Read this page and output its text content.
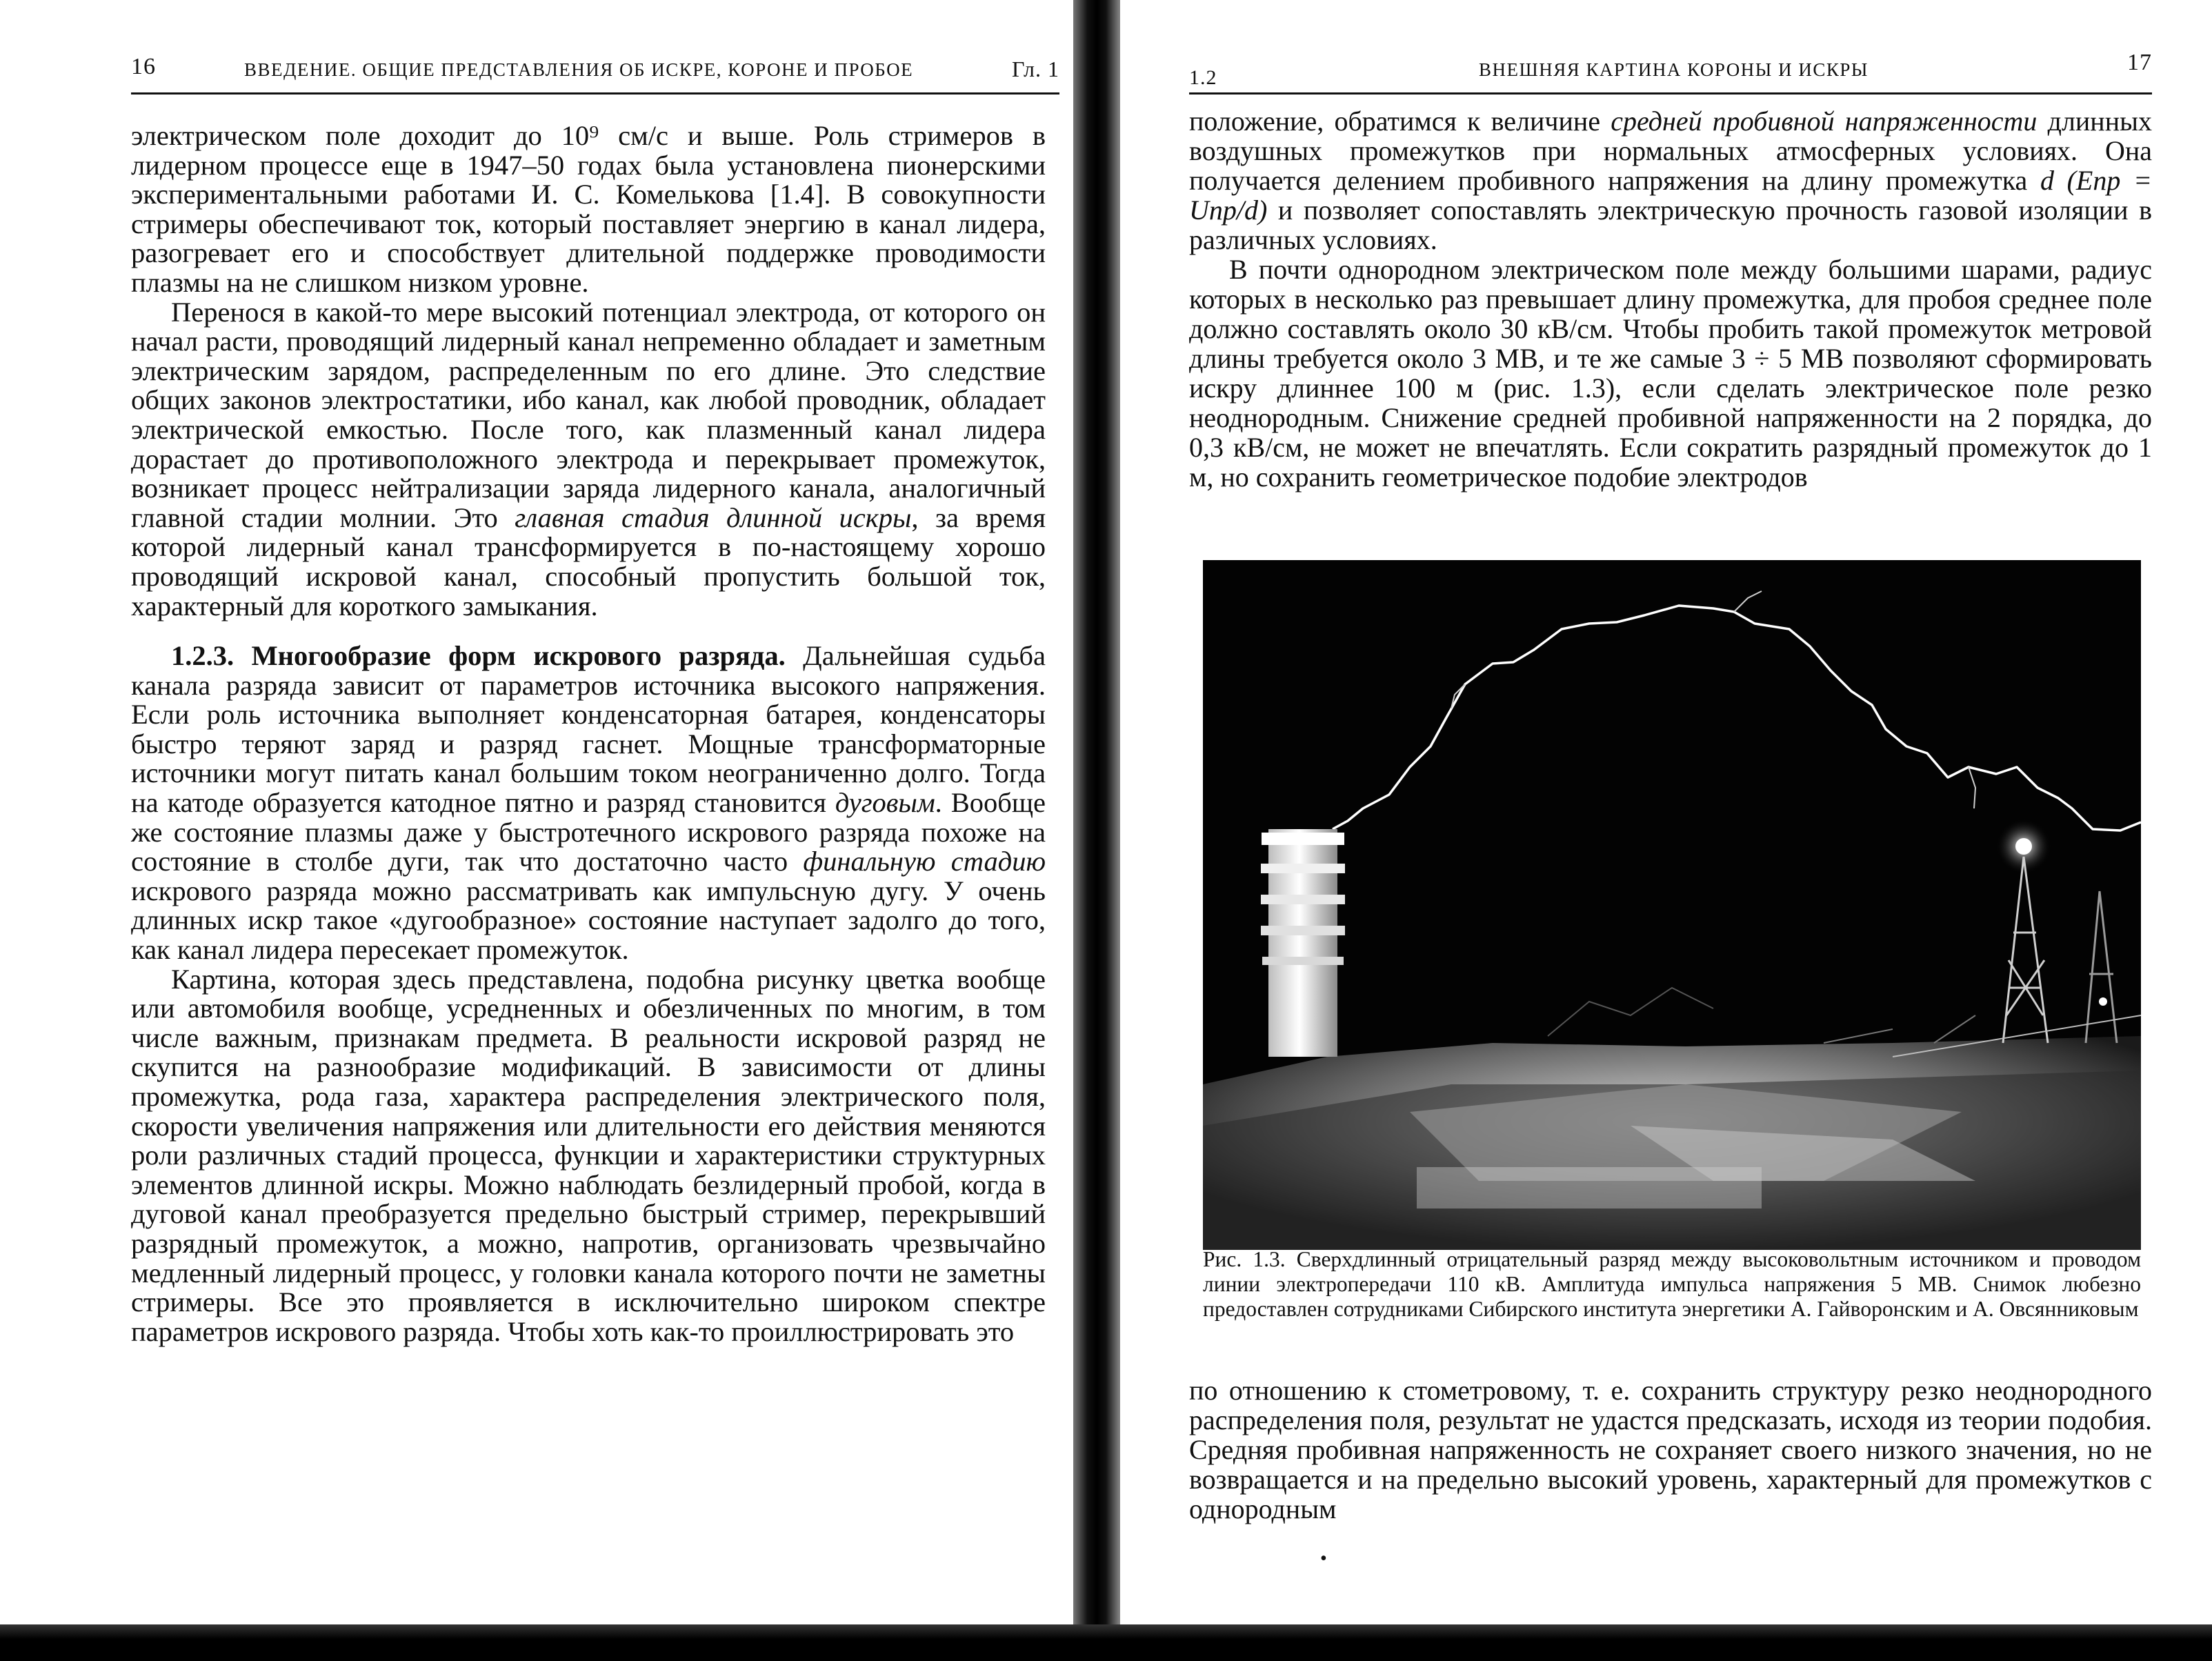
16	ВВЕДЕНИЕ. ОБЩИЕ ПРЕДСТАВЛЕНИЯ ОБ ИСКРЕ, КОРОНЕ И ПРОБОЕ	Гл. 1

электрическом поле доходит до 10⁹ см/с и выше. Роль стримеров в лидерном процессе еще в 1947–50 годах была установлена пионерскими экспериментальными работами И. С. Комелькова [1.4]. В совокупности стримеры обеспечивают ток, который поставляет энергию в канал лидера, разогревает его и способствует длительной поддержке проводимости плазмы на не слишком низком уровне.

Перенося в какой-то мере высокий потенциал электрода, от которого он начал расти, проводящий лидерный канал непременно обладает и заметным электрическим зарядом, распределенным по его длине. Это следствие общих законов электростатики, ибо канал, как любой проводник, обладает электрической емкостью. После того, как плазменный канал лидера дорастает до противоположного электрода и перекрывает промежуток, возникает процесс нейтрализации заряда лидерного канала, аналогичный главной стадии молнии. Это главная стадия длинной искры, за время которой лидерный канал трансформируется в по-настоящему хорошо проводящий искровой канал, способный пропустить большой ток, характерный для короткого замыкания.

1.2.3. Многообразие форм искрового разряда. Дальнейшая судьба канала разряда зависит от параметров источника высокого напряжения. Если роль источника выполняет конденсаторная батарея, конденсаторы быстро теряют заряд и разряд гаснет. Мощные трансформаторные источники могут питать канал большим током неограниченно долго. Тогда на катоде образуется катодное пятно и разряд становится дуговым. Вообще же состояние плазмы даже у быстротечного искрового разряда похоже на состояние в столбе дуги, так что достаточно часто финальную стадию искрового разряда можно рассматривать как импульсную дугу. У очень длинных искр такое «дугообразное» состояние наступает задолго до того, как канал лидера пересекает промежуток.

Картина, которая здесь представлена, подобна рисунку цветка вообще или автомобиля вообще, усредненных и обезличенных по многим, в том числе важным, признакам предмета. В реальности искровой разряд не скупится на разнообразие модификаций. В зависимости от длины промежутка, рода газа, характера распределения электрического поля, скорости увеличения напряжения или длительности его действия меняются роли различных стадий процесса, функции и характеристики структурных элементов длинной искры. Можно наблюдать безлидерный пробой, когда в дуговой канал преобразуется предельно быстрый стример, перекрывший разрядный промежуток, а можно, напротив, организовать чрезвычайно медленный лидерный процесс, у головки канала которого почти не заметны стримеры. Все это проявляется в исключительно широком спектре параметров искрового разряда. Чтобы хоть как-то проиллюстрировать это

1.2	ВНЕШНЯЯ КАРТИНА КОРОНЫ И ИСКРЫ	17

положение, обратимся к величине средней пробивной напряженности длинных воздушных промежутков при нормальных атмосферных условиях. Она получается делением пробивного напряжения на длину промежутка d (Eпр = Uпр/d) и позволяет сопоставлять электрическую прочность газовой изоляции в различных условиях.

В почти однородном электрическом поле между большими шарами, радиус которых в несколько раз превышает длину промежутка, для пробоя среднее поле должно составлять около 30 кВ/см. Чтобы пробить такой промежуток метровой длины требуется около 3 МВ, и те же самые 3 ÷ 5 МВ позволяют сформировать искру длиннее 100 м (рис. 1.3), если сделать электрическое поле резко неоднородным. Снижение средней пробивной напряженности на 2 порядка, до 0,3 кВ/см, не может не впечатлять. Если сократить разрядный промежуток до 1 м, но сохранить геометрическое подобие электродов

Рис. 1.3. Сверхдлинный отрицательный разряд между высоковольтным источником и проводом линии электропередачи 110 кВ. Амплитуда импульса напряжения 5 МВ. Снимок любезно предоставлен сотрудниками Сибирского института энергетики А. Гайворонским и А. Овсянниковым

по отношению к стометровому, т. е. сохранить структуру резко неоднородного распределения поля, результат не удастся предсказать, исходя из теории подобия. Средняя пробивная напряженность не сохраняет своего низкого значения, но не возвращается и на предельно высокий уровень, характерный для промежутков с однородным

•
